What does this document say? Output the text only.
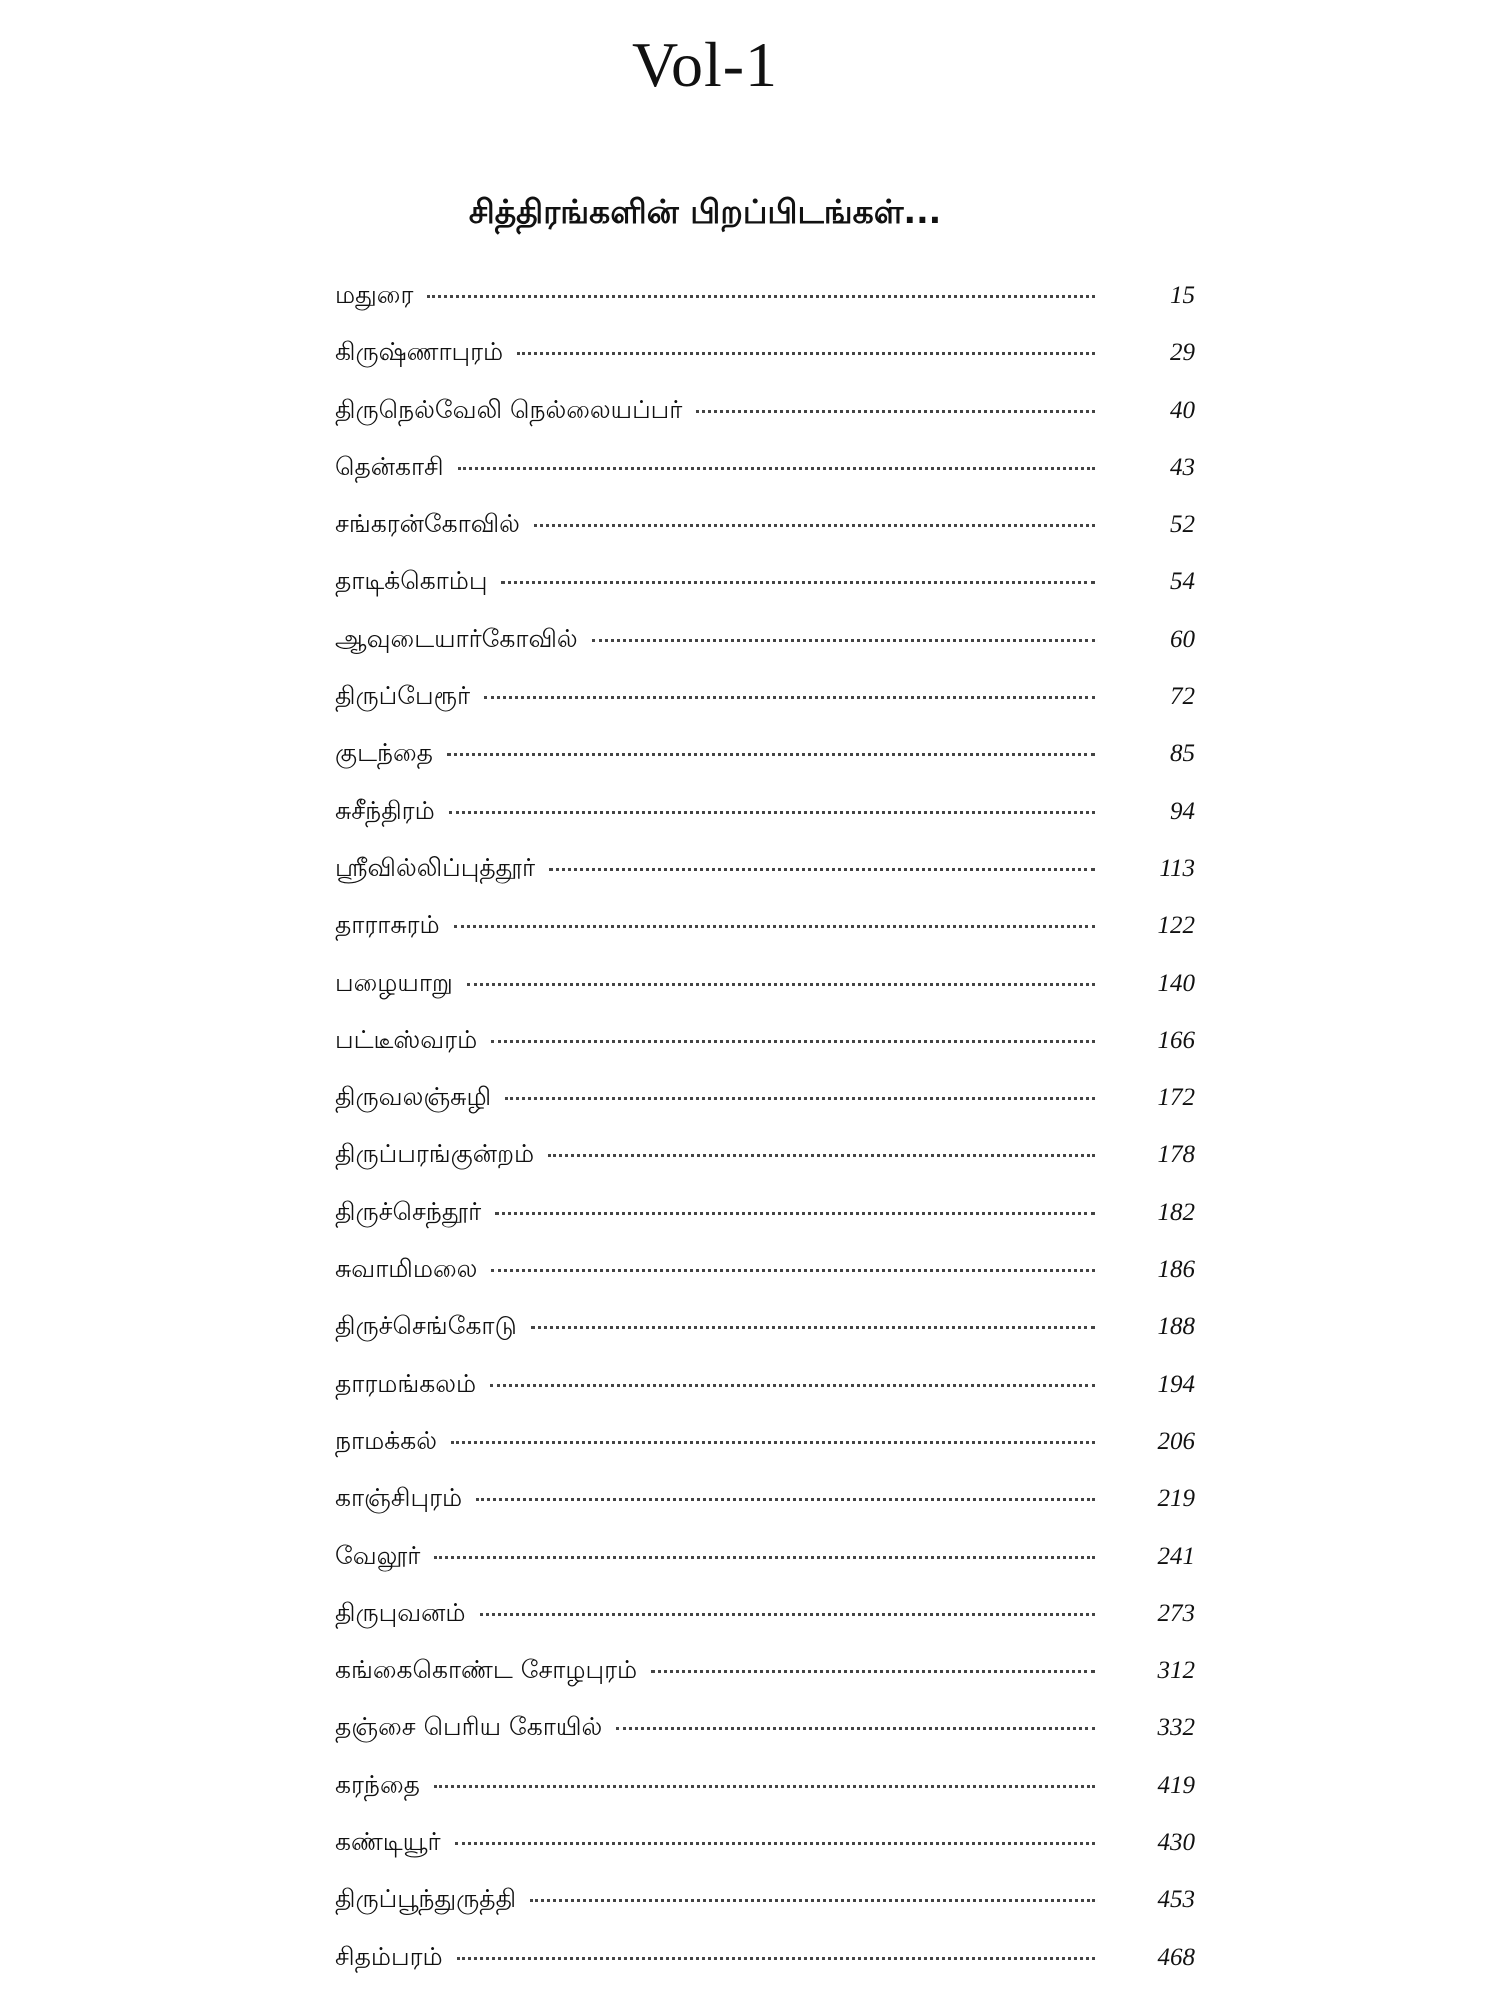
Vol-1
சித்திரங்களின் பிறப்பிடங்கள்...
மதுரை	15
கிருஷ்ணாபுரம்	29
திருநெல்வேலி நெல்லையப்பர்	40
தென்காசி	43
சங்கரன்கோவில்	52
தாடிக்கொம்பு	54
ஆவுடையார்கோவில்	60
திருப்பேரூர்	72
குடந்தை	85
சுசீந்திரம்	94
ஸ்ரீவில்லிப்புத்தூர்	113
தாராசுரம்	122
பழையாறு	140
பட்டீஸ்வரம்	166
திருவலஞ்சுழி	172
திருப்பரங்குன்றம்	178
திருச்செந்தூர்	182
சுவாமிமலை	186
திருச்செங்கோடு	188
தாரமங்கலம்	194
நாமக்கல்	206
காஞ்சிபுரம்	219
வேலூர்	241
திருபுவனம்	273
கங்கைகொண்ட சோழபுரம்	312
தஞ்சை பெரிய கோயில்	332
கரந்தை	419
கண்டியூர்	430
திருப்பூந்துருத்தி	453
சிதம்பரம்	468
